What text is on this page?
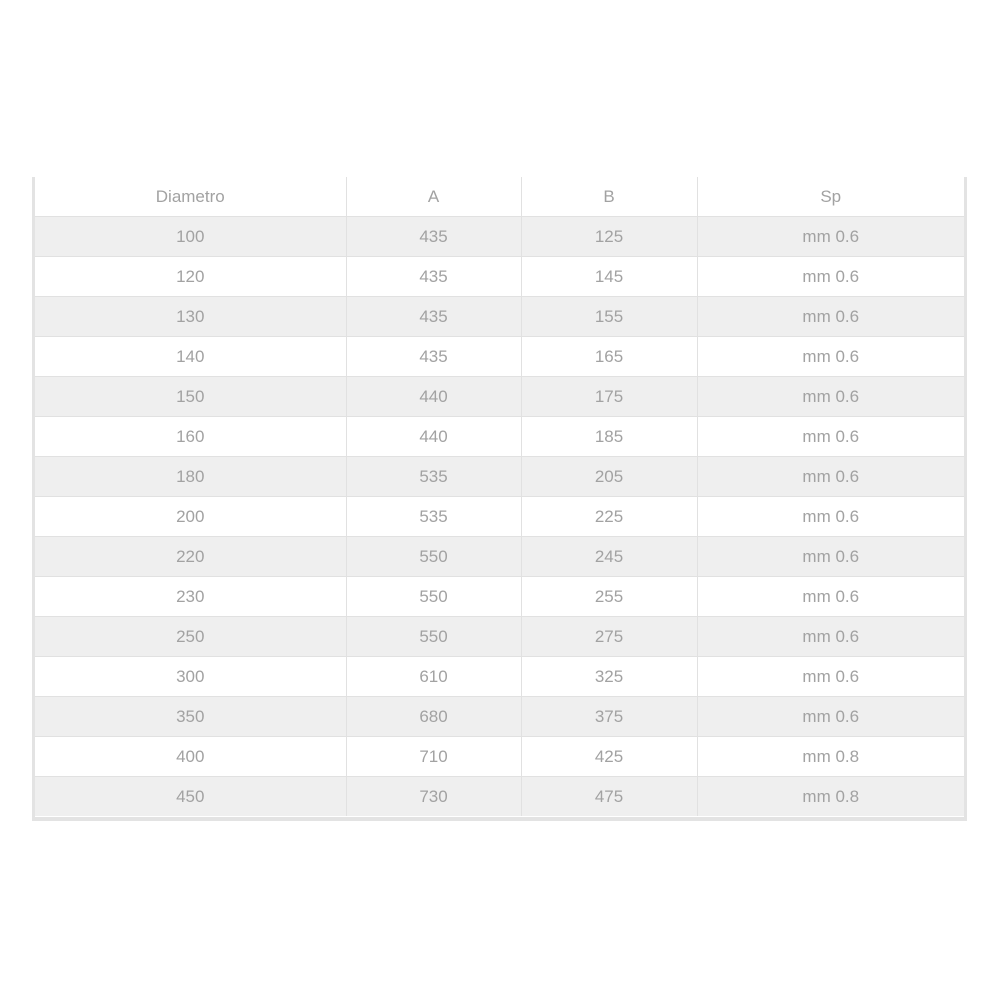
Diametro	A	B	Sp
100	435	125	mm 0.6
120	435	145	mm 0.6
130	435	155	mm 0.6
140	435	165	mm 0.6
150	440	175	mm 0.6
160	440	185	mm 0.6
180	535	205	mm 0.6
200	535	225	mm 0.6
220	550	245	mm 0.6
230	550	255	mm 0.6
250	550	275	mm 0.6
300	610	325	mm 0.6
350	680	375	mm 0.6
400	710	425	mm 0.8
450	730	475	mm 0.8
